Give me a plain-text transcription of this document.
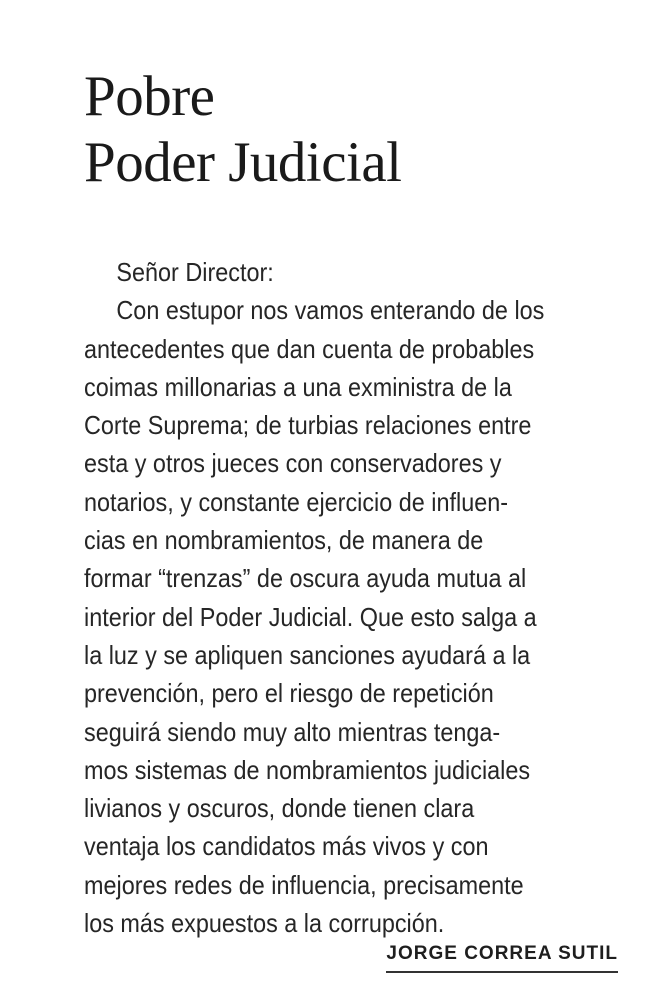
Pobre
Poder Judicial
Señor Director:
Con estupor nos vamos enterando de los
antecedentes que dan cuenta de probables
coimas millonarias a una exministra de la
Corte Suprema; de turbias relaciones entre
esta y otros jueces con conservadores y
notarios, y constante ejercicio de influen-
cias en nombramientos, de manera de
formar “trenzas” de oscura ayuda mutua al
interior del Poder Judicial. Que esto salga a
la luz y se apliquen sanciones ayudará a la
prevención, pero el riesgo de repetición
seguirá siendo muy alto mientras tenga-
mos sistemas de nombramientos judiciales
livianos y oscuros, donde tienen clara
ventaja los candidatos más vivos y con
mejores redes de influencia, precisamente
los más expuestos a la corrupción.
JORGE CORREA SUTIL
